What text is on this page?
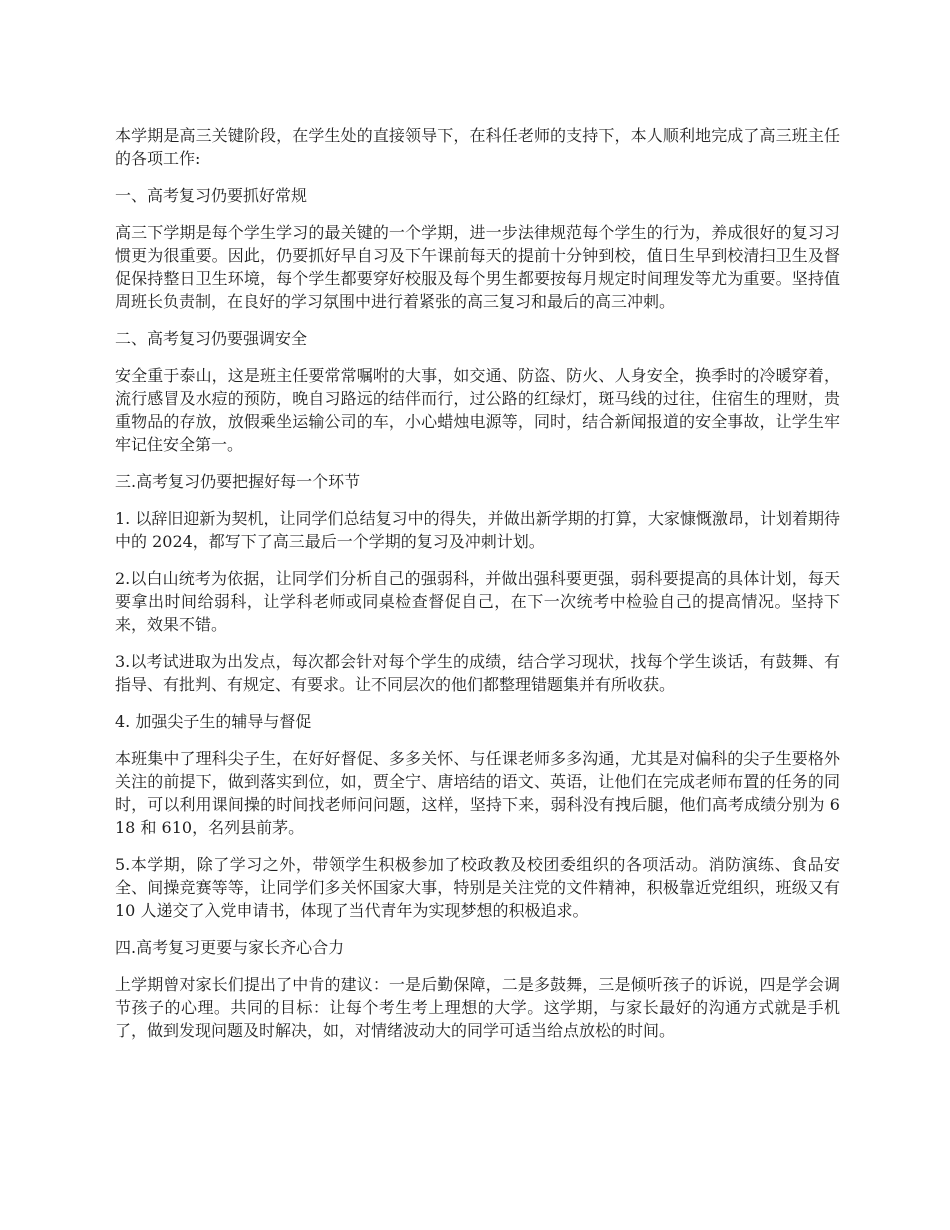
本学期是高三关键阶段，在学生处的直接领导下，在科任老师的支持下，本人顺利地完成了高三班主任的各项工作:

一、高考复习仍要抓好常规

高三下学期是每个学生学习的最关键的一个学期，进一步法律规范每个学生的行为，养成很好的复习习惯更为很重要。因此，仍要抓好早自习及下午课前每天的提前十分钟到校，值日生早到校清扫卫生及督促保持整日卫生环境，每个学生都要穿好校服及每个男生都要按每月规定时间理发等尤为重要。坚持值周班长负责制，在良好的学习氛围中进行着紧张的高三复习和最后的高三冲刺。

二、高考复习仍要强调安全

安全重于泰山，这是班主任要常常嘱咐的大事，如交通、防盗、防火、人身安全，换季时的冷暖穿着，流行感冒及水痘的预防，晚自习路远的结伴而行，过公路的红绿灯，斑马线的过往，住宿生的理财，贵重物品的存放，放假乘坐运输公司的车，小心蜡烛电源等，同时，结合新闻报道的安全事故，让学生牢牢记住安全第一。

三.高考复习仍要把握好每一个环节

1. 以辞旧迎新为契机，让同学们总结复习中的得失，并做出新学期的打算，大家慷慨激昂，计划着期待中的 2024，都写下了高三最后一个学期的复习及冲刺计划。

2.以白山统考为依据，让同学们分析自己的强弱科，并做出强科要更强，弱科要提高的具体计划，每天要拿出时间给弱科，让学科老师或同桌检查督促自己，在下一次统考中检验自己的提高情况。坚持下来，效果不错。

3.以考试进取为出发点，每次都会针对每个学生的成绩，结合学习现状，找每个学生谈话，有鼓舞、有指导、有批判、有规定、有要求。让不同层次的他们都整理错题集并有所收获。

4. 加强尖子生的辅导与督促

本班集中了理科尖子生，在好好督促、多多关怀、与任课老师多多沟通，尤其是对偏科的尖子生要格外关注的前提下，做到落实到位，如，贾全宁、唐培结的语文、英语，让他们在完成老师布置的任务的同时，可以利用课间操的时间找老师问问题，这样，坚持下来，弱科没有拽后腿，他们高考成绩分别为 618 和 610，名列县前茅。

5.本学期，除了学习之外，带领学生积极参加了校政教及校团委组织的各项活动。消防演练、食品安全、间操竞赛等等，让同学们多关怀国家大事，特别是关注党的文件精神，积极靠近党组织，班级又有 10 人递交了入党申请书，体现了当代青年为实现梦想的积极追求。

四.高考复习更要与家长齐心合力

上学期曾对家长们提出了中肯的建议：一是后勤保障，二是多鼓舞，三是倾听孩子的诉说，四是学会调节孩子的心理。共同的目标：让每个考生考上理想的大学。这学期，与家长最好的沟通方式就是手机了，做到发现问题及时解决，如，对情绪波动大的同学可适当给点放松的时间。
